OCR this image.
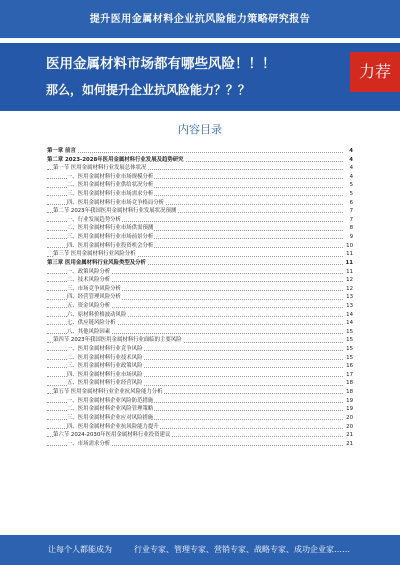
提升医用金属材料企业抗风险能力策略研究报告
医用金属材料市场都有哪些风险！！！
那么，如何提升企业抗风险能力？？？
力荐
内容目录
第一章 前言	4
第二章 2023-2028年医用金属材料行业发展及趋势研究	4
第一节 医用金属材料行业发展总体状况	4
一、医用金属材料行业市场规模分析	4
二、医用金属材料行业供给状况分析	5
三、医用金属材料行业市场需求分析	5
四、医用金属材料行业市场竞争格局分析	6
第二节 2023年我国医用金属材料行业发展状况预测	7
一、行业发展趋势分析	7
二、医用金属材料行业市场供需预测	8
三、医用金属材料行业市场前景分析	9
四、医用金属材料行业投资机会分析	10
第三节 医用金属材料行业风险分析	11
第三章 医用金属材料行业风险类型及分析	11
一、政策风险分析	11
二、技术风险分析	12
三、市场竞争风险分析	12
四、经营管理风险分析	13
五、资金风险分析	13
六、原材料价格波动风险	14
七、供应链风险分析	14
八、其他风险因素	15
第四节 2023年我国医用金属材料行业面临的主要风险	15
一、医用金属材料行业竞争风险	15
二、医用金属材料行业技术风险	15
三、医用金属材料行业政策风险	16
四、医用金属材料行业市场风险	17
五、医用金属材料行业经营风险	18
第五节 医用金属材料行业企业抗风险能力分析	18
一、医用金属材料企业风险防范措施	19
二、医用金属材料企业风险管理策略	19
三、医用金属材料企业应对风险措施	20
四、医用金属材料企业抗风险能力提升	20
第六节 2024-2030年医用金属材料行业投资建议	21
一、市场需求分析	21
让每个人都能成为	行业专家、管理专家、营销专家、战略专家、成功企业家……
